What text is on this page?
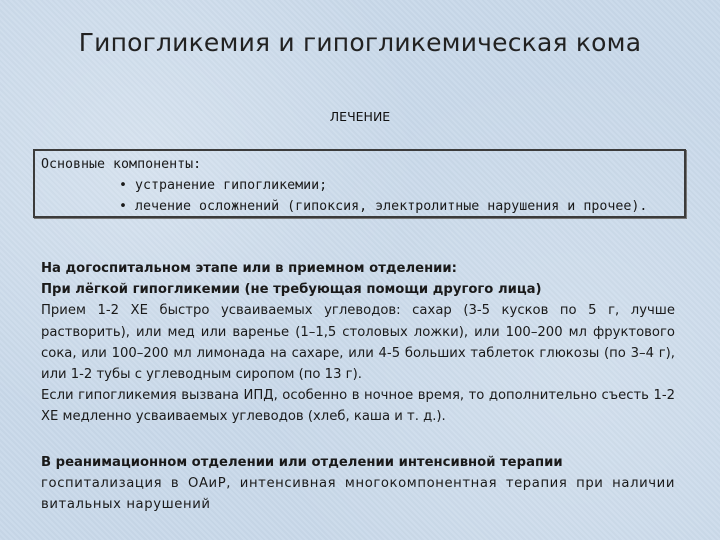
Гипогликемия и гипогликемическая кома
ЛЕЧЕНИЕ
Основные компоненты:
• устранение гипогликемии;
• лечение осложнений (гипоксия, электролитные нарушения и прочее).

На догоспитальном этапе или в приемном отделении:

При лёгкой гипогликемии (не требующая помощи другого лица)

Прием 1-2 ХЕ быстро усваиваемых углеводов: сахар (3-5 кусков по 5 г, лучше растворить), или мед или варенье (1–1,5 столовых ложки), или 100–200 мл фруктового сока, или 100–200 мл лимонада на сахаре, или 4-5 больших таблеток глюкозы (по 3–4 г), или 1-2 тубы с углеводным сиропом (по 13 г).

Если гипогликемия вызвана ИПД, особенно в ночное время, то дополнительно съесть 1-2 ХЕ медленно усваиваемых углеводов (хлеб, каша и т. д.).

В реанимационном отделении или отделении интенсивной терапии

госпитализация в ОАиР, интенсивная многокомпонентная терапия при наличии витальных нарушений
